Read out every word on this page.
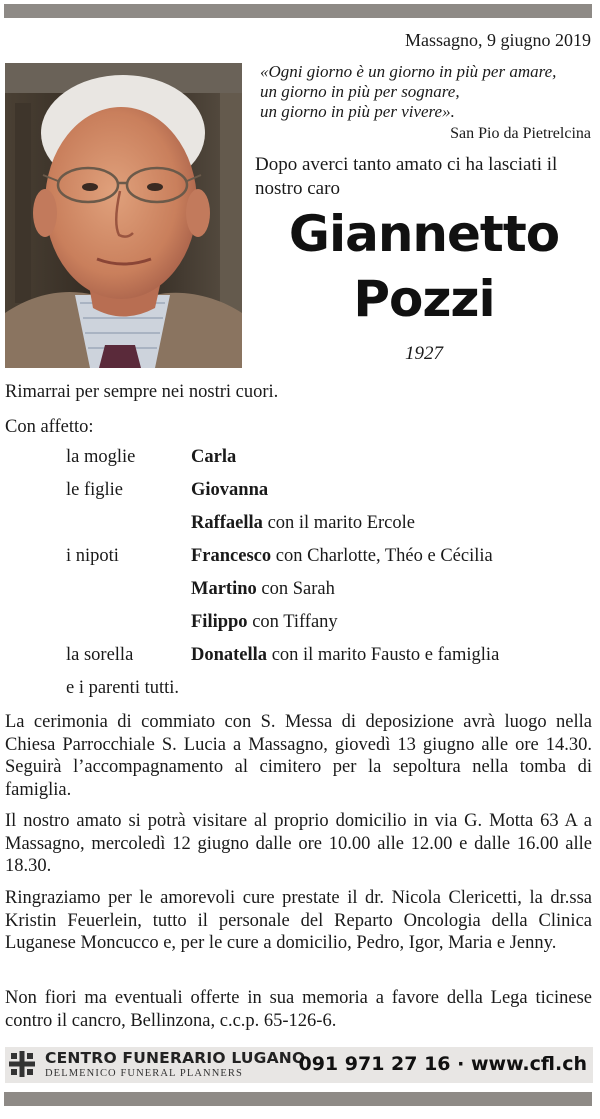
Massagno, 9 giugno 2019
«Ogni giorno è un giorno in più per amare,
un giorno in più per sognare,
un giorno in più per vivere».
San Pio da Pietrelcina
Dopo averci tanto amato ci ha lasciati il nostro caro
Giannetto
Pozzi
1927
Rimarrai per sempre nei nostri cuori.
Con affetto:
la moglie	Carla
le figlie	Giovanna
Raffaella con il marito Ercole
i nipoti	Francesco con Charlotte, Théo e Cécilia
Martino con Sarah
Filippo con Tiffany
la sorella	Donatella con il marito Fausto e famiglia
e i parenti tutti.
La cerimonia di commiato con S. Messa di deposizione avrà luogo nella Chiesa Parrocchiale S. Lucia a Massagno, giovedì 13 giugno alle ore 14.30. Seguirà l’accompagnamento al cimitero per la sepoltura nella tomba di famiglia.
Il nostro amato si potrà visitare al proprio domicilio in via G. Motta 63 A a Massagno, mercoledì 12 giugno dalle ore 10.00 alle 12.00 e dalle 16.00 alle 18.30.
Ringraziamo per le amorevoli cure prestate il dr. Nicola Clericetti, la dr.ssa Kristin Feuerlein, tutto il personale del Reparto Oncologia della Clinica Luganese Moncucco e, per le cure a domicilio, Pedro, Igor, Maria e Jenny.
Non fiori ma eventuali offerte in sua memoria a favore della Lega ticinese contro il cancro, Bellinzona, c.c.p. 65-126-6.
CENTRO FUNERARIO LUGANO
DELMENICO FUNERAL PLANNERS	091 971 27 16 · www.cfl.ch
